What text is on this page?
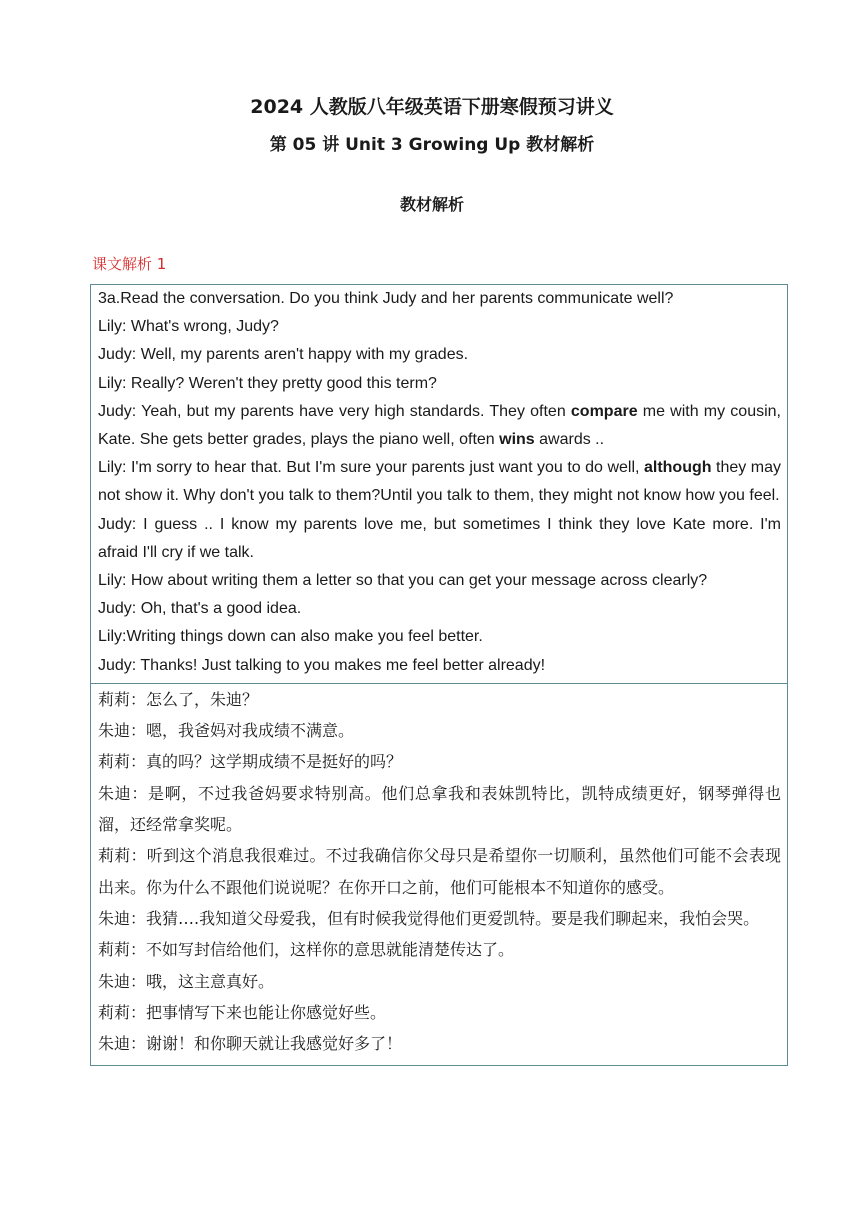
2024 人教版八年级英语下册寒假预习讲义
第 05 讲 Unit 3 Growing Up 教材解析
教材解析
课文解析 1
3a.Read the conversation. Do you think Judy and her parents communicate well?
Lily: What's wrong, Judy?
Judy: Well, my parents aren't happy with my grades.
Lily: Really? Weren't they pretty good this term?
Judy: Yeah, but my parents have very high standards. They often compare me with my cousin, Kate. She gets better grades, plays the piano well, often wins awards ..
Lily: I'm sorry to hear that. But I'm sure your parents just want you to do well, although they may not show it. Why don't you talk to them?Until you talk to them, they might not know how you feel.
Judy: I guess .. I know my parents love me, but sometimes I think they love Kate more. I'm afraid I'll cry if we talk.
Lily: How about writing them a letter so that you can get your message across clearly?
Judy: Oh, that's a good idea.
Lily:Writing things down can also make you feel better.
Judy: Thanks! Just talking to you makes me feel better already!
莉莉：怎么了，朱迪？
朱迪：嗯，我爸妈对我成绩不满意。
莉莉：真的吗？这学期成绩不是挺好的吗？
朱迪：是啊，不过我爸妈要求特别高。他们总拿我和表妹凯特比，凯特成绩更好，钢琴弹得也溜，还经常拿奖呢。
莉莉：听到这个消息我很难过。不过我确信你父母只是希望你一切顺利，虽然他们可能不会表现出来。你为什么不跟他们说说呢？在你开口之前，他们可能根本不知道你的感受。
朱迪：我猜….我知道父母爱我，但有时候我觉得他们更爱凯特。要是我们聊起来，我怕会哭。
莉莉：不如写封信给他们，这样你的意思就能清楚传达了。
朱迪：哦，这主意真好。
莉莉：把事情写下来也能让你感觉好些。
朱迪：谢谢！和你聊天就让我感觉好多了！
